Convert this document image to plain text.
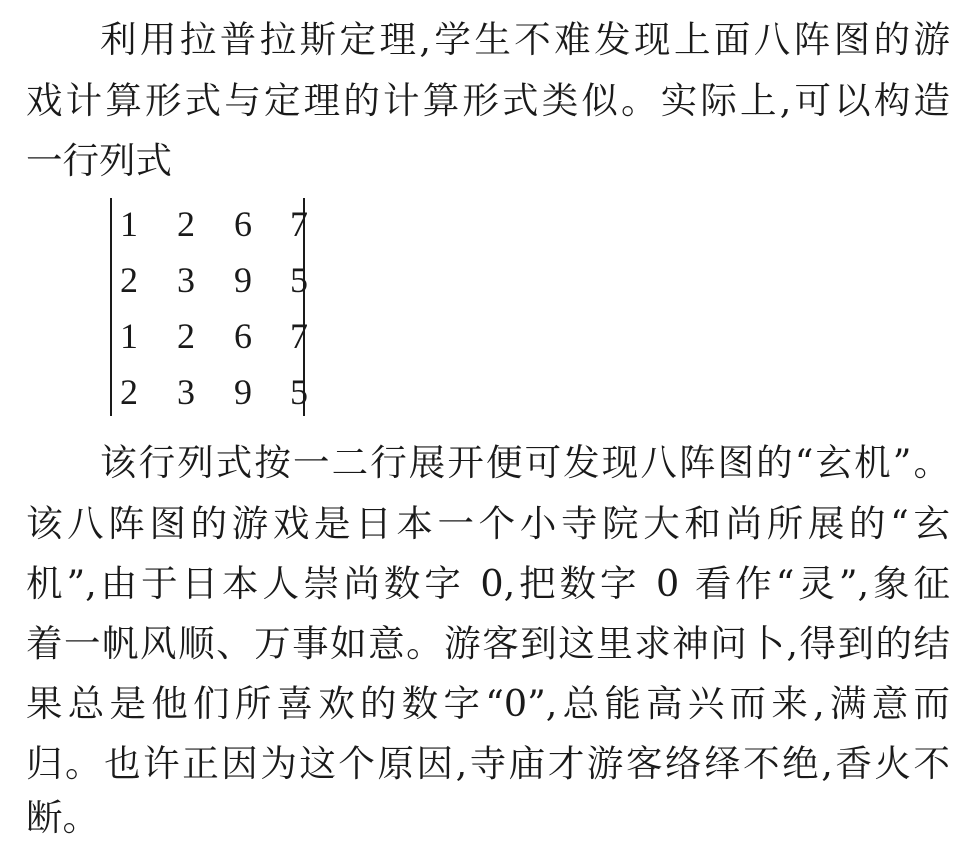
利用拉普拉斯定理,学生不难发现上面八阵图的游
戏计算形式与定理的计算形式类似。实际上,可以构造
一行列式
1 2 6 7
2 3 9 5
1 2 6 7
2 3 9 5
该行列式按一二行展开便可发现八阵图的“玄机”。
该八阵图的游戏是日本一个小寺院大和尚所展的“玄
机”,由于日本人崇尚数字 0,把数字 0 看作“灵”,象征
着一帆风顺、万事如意。游客到这里求神问卜,得到的结
果总是他们所喜欢的数字“0”,总能高兴而来,满意而
归。也许正因为这个原因,寺庙才游客络绎不绝,香火不
断。
